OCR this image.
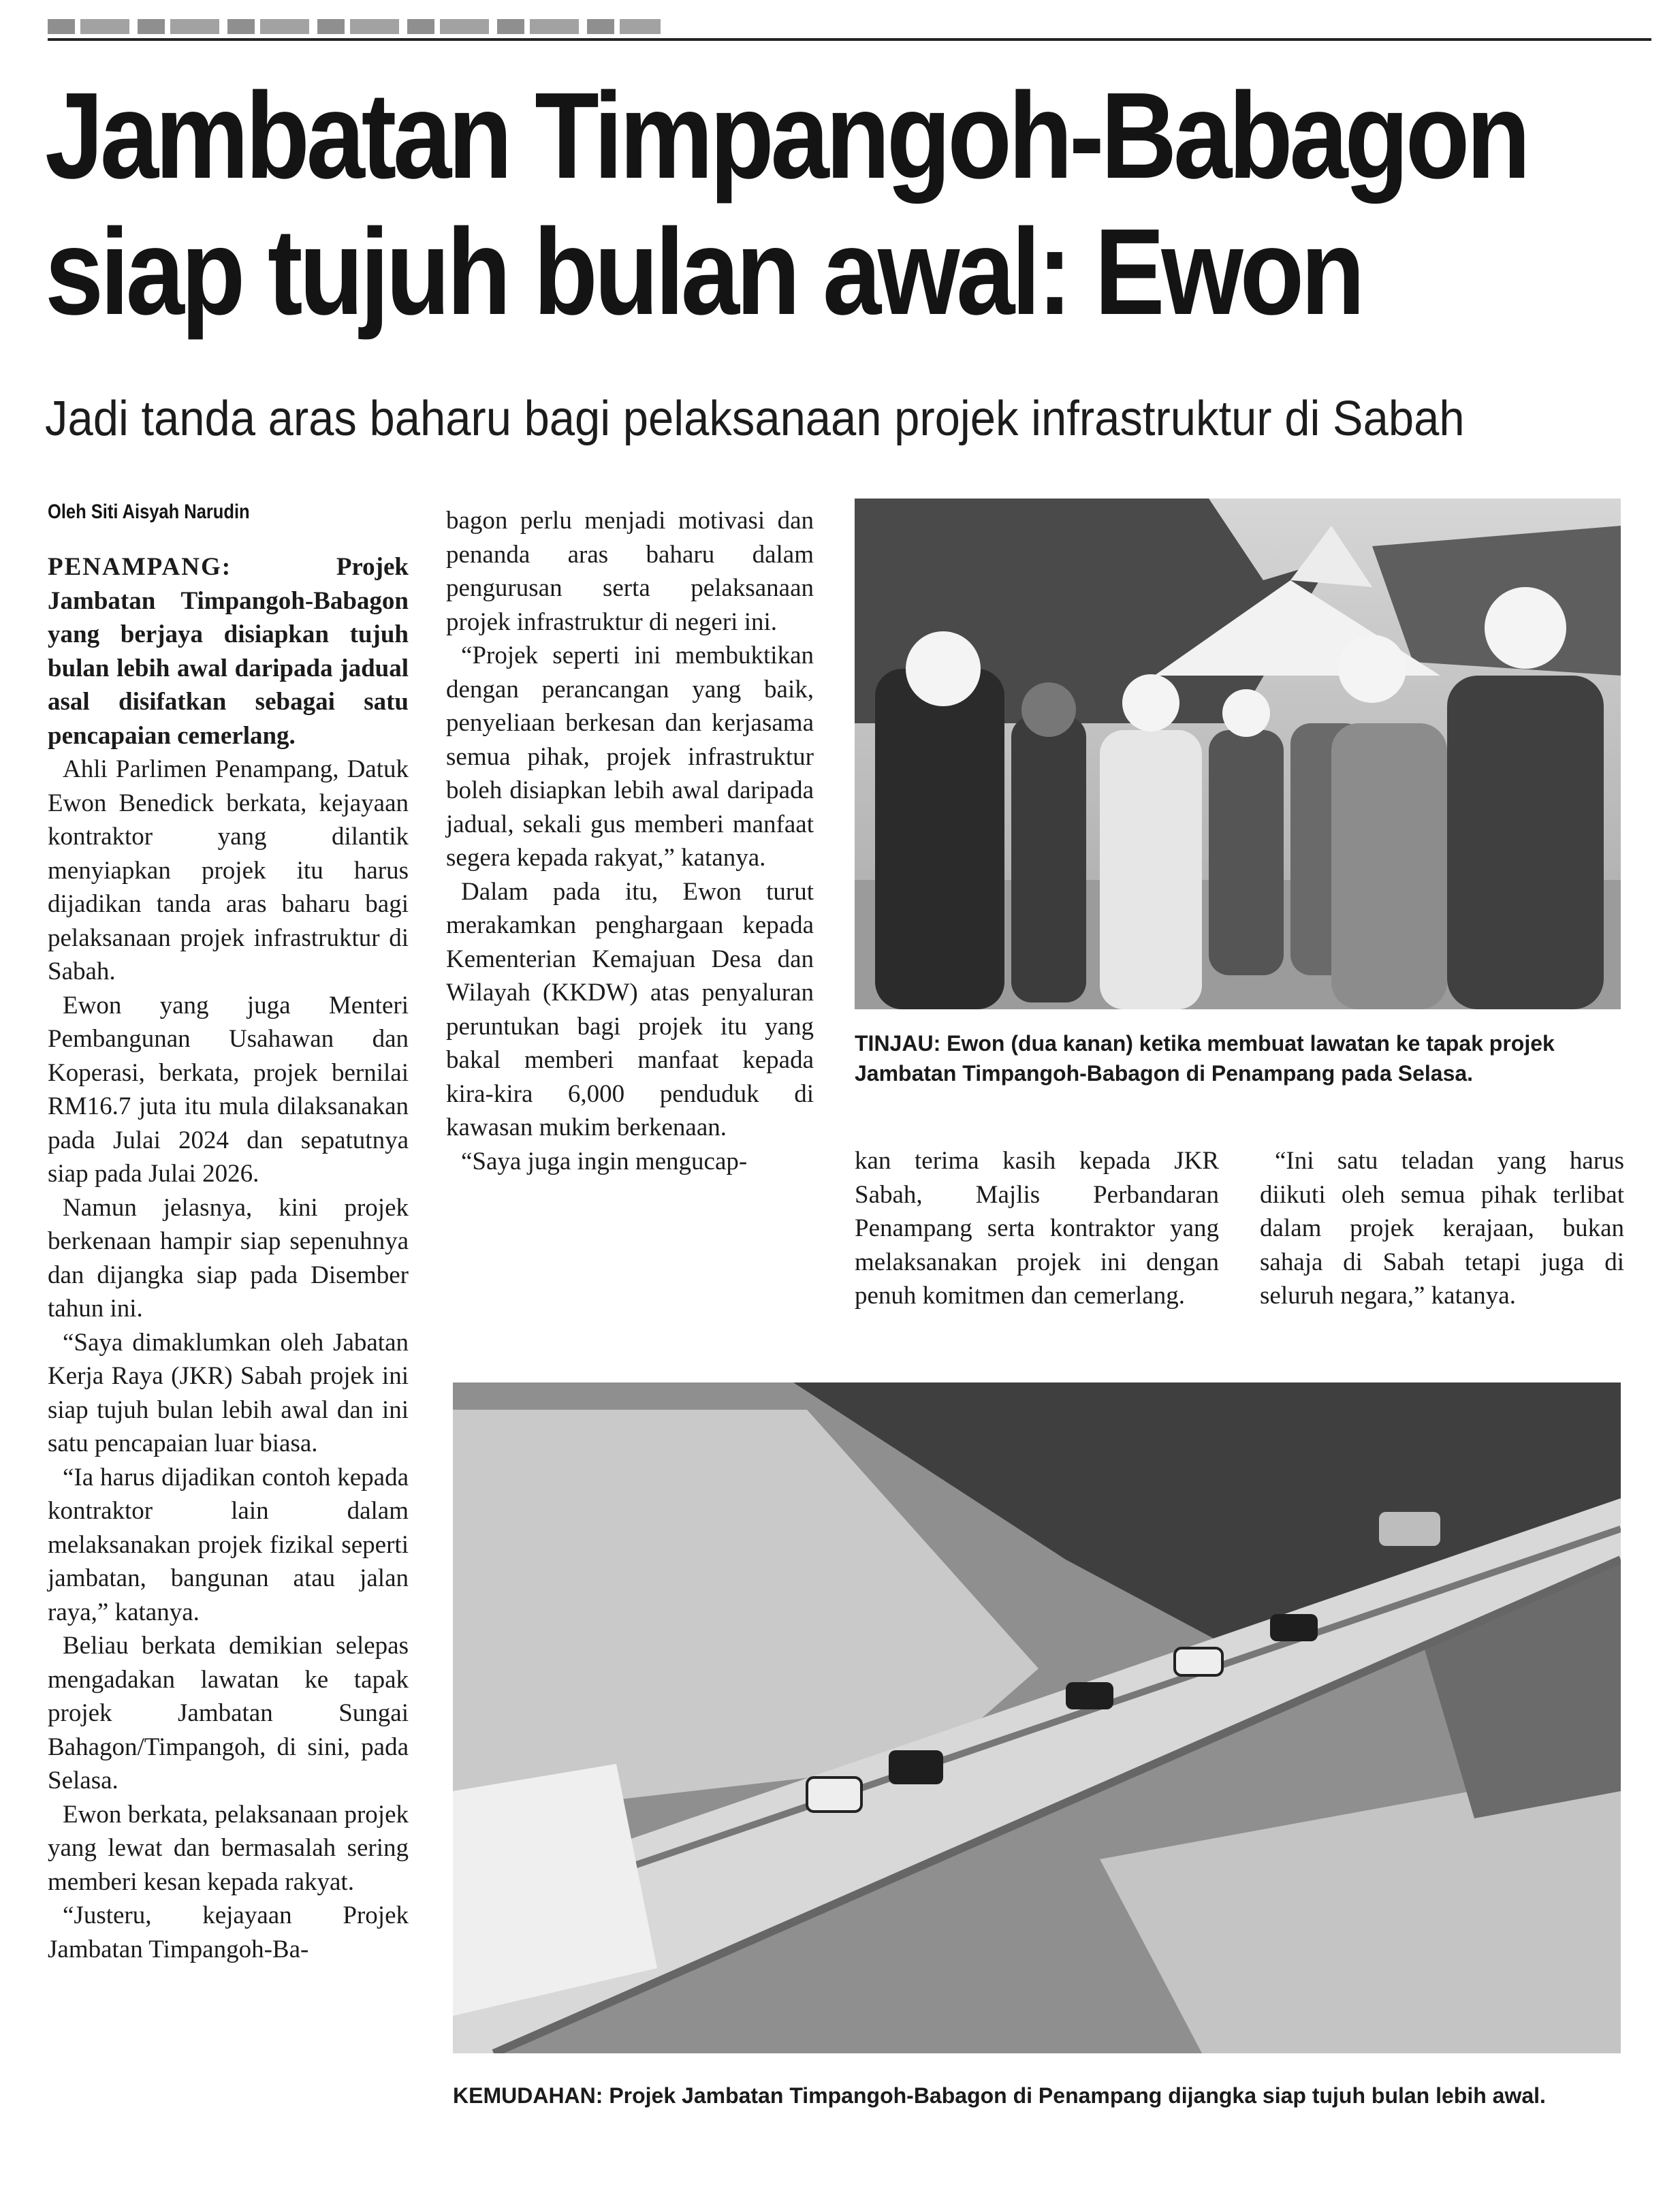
Jambatan Timpangoh-Babagon
siap tujuh bulan awal: Ewon
Jadi tanda aras baharu bagi pelaksanaan projek infrastruktur di Sabah
Oleh Siti Aisyah Narudin

PENAMPANG:	Projek Jambatan Timpangoh-Babagon yang berjaya disiapkan tujuh bulan lebih awal daripada jadual asal disifatkan sebagai satu pencapaian cemerlang.

Ahli Parlimen Penampang, Datuk Ewon Benedick berkata, kejayaan kontraktor yang dilantik menyiapkan projek itu harus dijadikan tanda aras baharu bagi pelaksanaan projek infrastruktur di Sabah.

Ewon yang juga Menteri Pembangunan Usahawan dan Koperasi, berkata, projek bernilai RM16.7 juta itu mula dilaksanakan pada Julai 2024 dan sepatutnya siap pada Julai 2026.

Namun jelasnya, kini projek berkenaan hampir siap sepenuhnya dan dijangka siap pada Disember tahun ini.

“Saya dimaklumkan oleh Jabatan Kerja Raya (JKR) Sabah projek ini siap tujuh bulan lebih awal dan ini satu pencapaian luar biasa.

“Ia harus dijadikan contoh kepada kontraktor lain dalam melaksanakan projek fizikal seperti jambatan, bangunan atau jalan raya,” katanya.

Beliau berkata demikian selepas mengadakan lawatan ke tapak projek Jambatan Sungai Bahagon/Timpangoh, di sini, pada Selasa.

Ewon berkata, pelaksanaan projek yang lewat dan bermasalah sering memberi kesan kepada rakyat.

“Justeru, kejayaan Projek Jambatan Timpangoh-Ba-

bagon perlu menjadi motivasi dan penanda aras baharu dalam pengurusan serta pelaksanaan projek infrastruktur di negeri ini.

“Projek seperti ini membuktikan dengan perancangan yang baik, penyeliaan berkesan dan kerjasama semua pihak, projek infrastruktur boleh disiapkan lebih awal daripada jadual, sekali gus memberi manfaat segera kepada rakyat,” katanya.

Dalam pada itu, Ewon turut merakamkan penghargaan kepada Kementerian Kemajuan Desa dan Wilayah (KKDW) atas penyaluran peruntukan bagi projek itu yang bakal memberi manfaat kepada kira-kira 6,000 penduduk di kawasan mukim berkenaan.

“Saya juga ingin mengucap-

TINJAU: Ewon (dua kanan) ketika membuat lawatan ke tapak projek Jambatan Timpangoh-Babagon di Penampang pada Selasa.

kan terima kasih kepada JKR Sabah, Majlis Perbandaran Penampang serta kontraktor yang melaksanakan projek ini dengan penuh komitmen dan cemerlang.

“Ini satu teladan yang harus diikuti oleh semua pihak terlibat dalam projek kerajaan, bukan sahaja di Sabah tetapi juga di seluruh negara,” katanya.

KEMUDAHAN: Projek Jambatan Timpangoh-Babagon di Penampang dijangka siap tujuh bulan lebih awal.
